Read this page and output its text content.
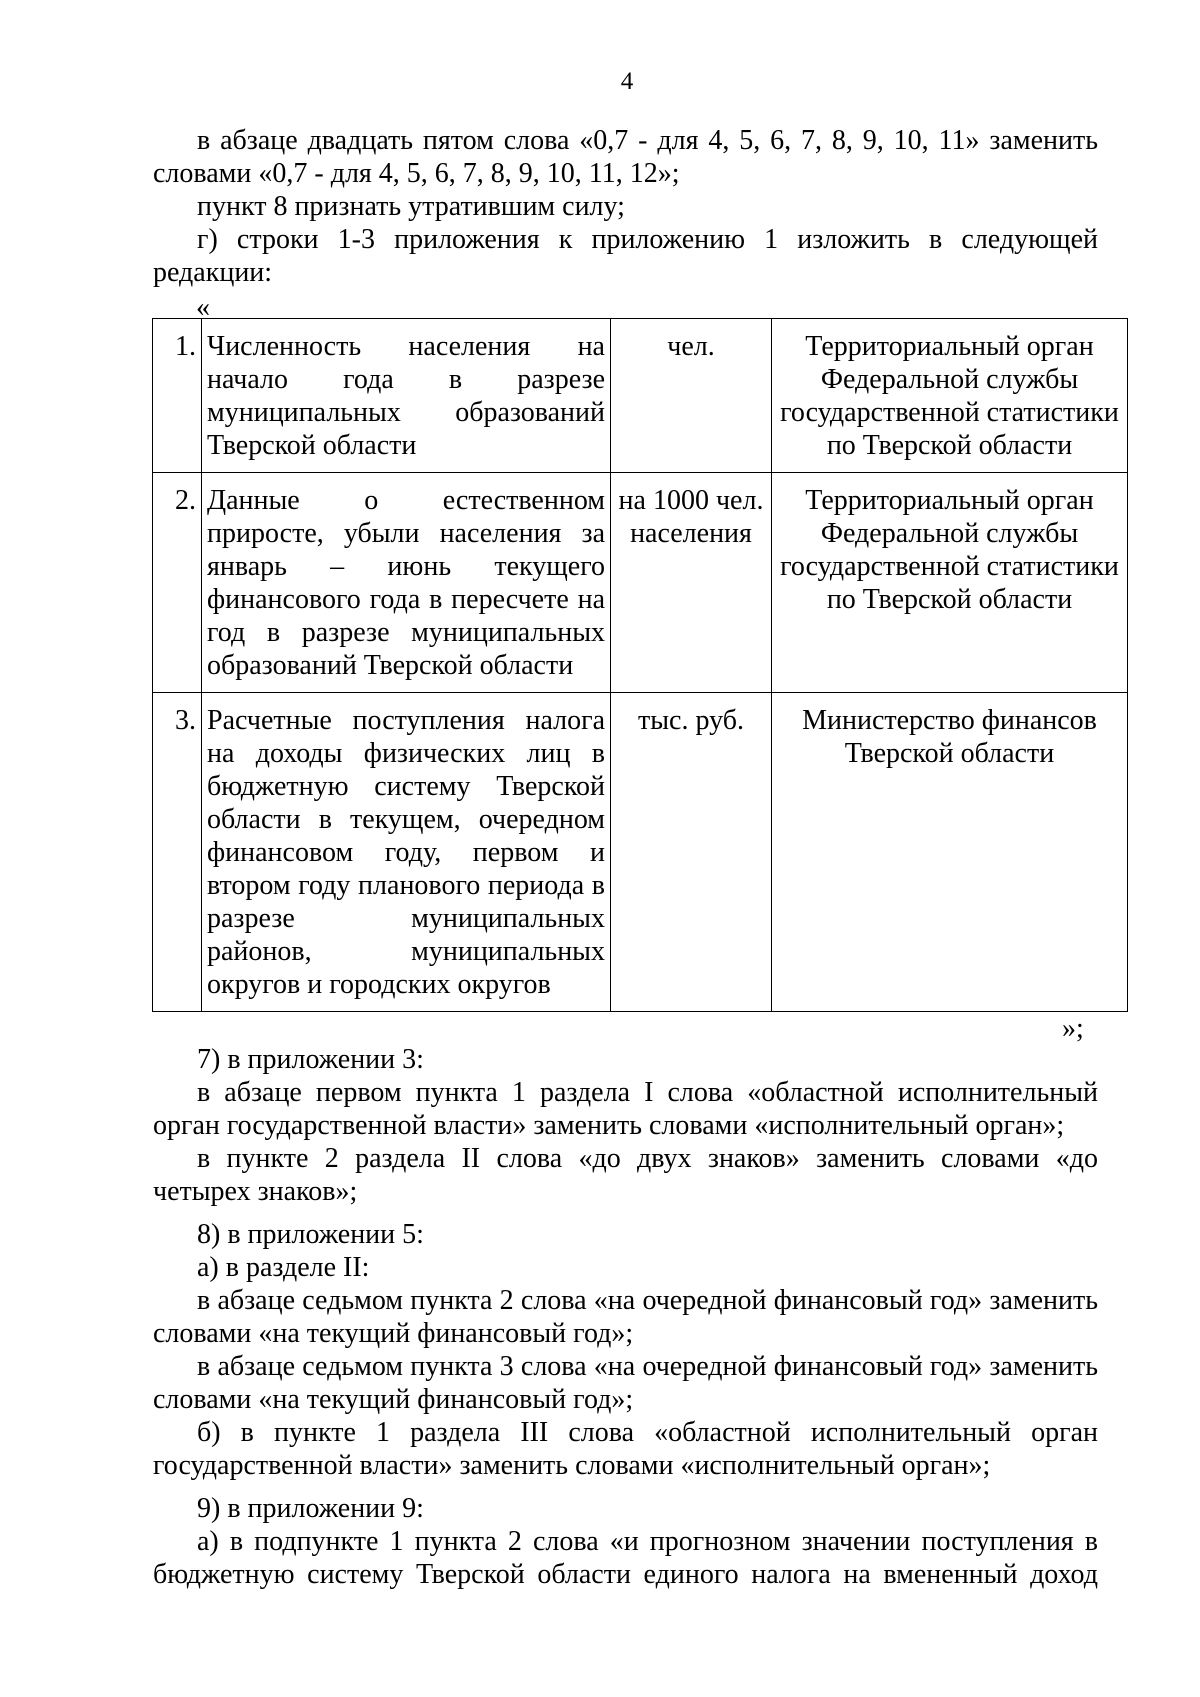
4

в абзаце двадцать пятом слова «0,7 - для 4, 5, 6, 7, 8, 9, 10, 11» заменить словами «0,7 - для 4, 5, 6, 7, 8, 9, 10, 11, 12»;

пункт 8 признать утратившим силу;

г) строки 1-3 приложения к приложению 1 изложить в следующей редакции:

«
1.	Численность населения на начало года в разрезе муниципальных образований Тверской области	чел.	Территориальный орган Федеральной службы государственной статистики по Тверской области
2.	Данные о естественном приросте, убыли населения за январь – июнь текущего финансового года в пересчете на год в разрезе муниципальных образований Тверской области	на 1000 чел. населения	Территориальный орган Федеральной службы государственной статистики по Тверской области
3.	Расчетные поступления налога на доходы физических лиц в бюджетную систему Тверской области в текущем, очередном финансовом году, первом и втором году планового периода в разрезе муниципальных районов, муниципальных округов и городских округов	тыс. руб.	Министерство финансов Тверской области
»;

7) в приложении 3:

в абзаце первом пункта 1 раздела I слова «областной исполнительный орган государственной власти» заменить словами «исполнительный орган»;

в пункте 2 раздела II слова «до двух знаков» заменить словами «до четырех знаков»;

8) в приложении 5:

а) в разделе II:

в абзаце седьмом пункта 2 слова «на очередной финансовый год» заменить словами «на текущий финансовый год»;

в абзаце седьмом пункта 3 слова «на очередной финансовый год» заменить словами «на текущий финансовый год»;

б) в пункте 1 раздела III слова «областной исполнительный орган государственной власти» заменить словами «исполнительный орган»;

9) в приложении 9:

а) в подпункте 1 пункта 2 слова «и прогнозном значении поступления в бюджетную систему Тверской области единого налога на вмененный доход
